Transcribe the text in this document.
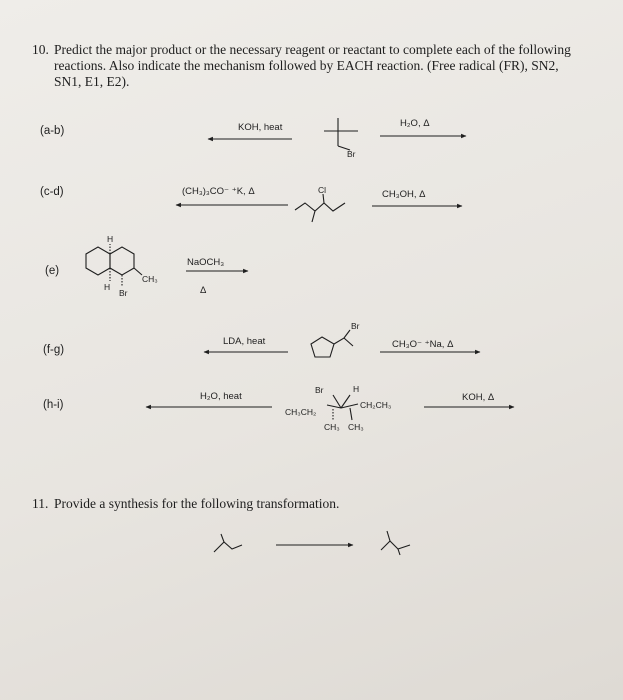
10. Predict the major product or the necessary reagent or reactant to complete each of the following
reactions. Also indicate the mechanism followed by EACH reaction. (Free radical (FR), SN2,
SN1, E1, E2).
(a-b)
(c-d)
(e)
(f-g)
(h-i)
KOH, heat	H₂O, Δ
(CH₃)₃CO⁻ ⁺K, Δ	CH₃OH, Δ
NaOCH₃
Δ
LDA, heat	CH₃O⁻ ⁺Na, Δ
H₂O, heat	KOH, Δ
11. Provide a synthesis for the following transformation.
Br
Cl
H
H
Br
CH₃
Br
Br	H
CH₃CH₂
CH₂CH₃
CH₃ CH₃
